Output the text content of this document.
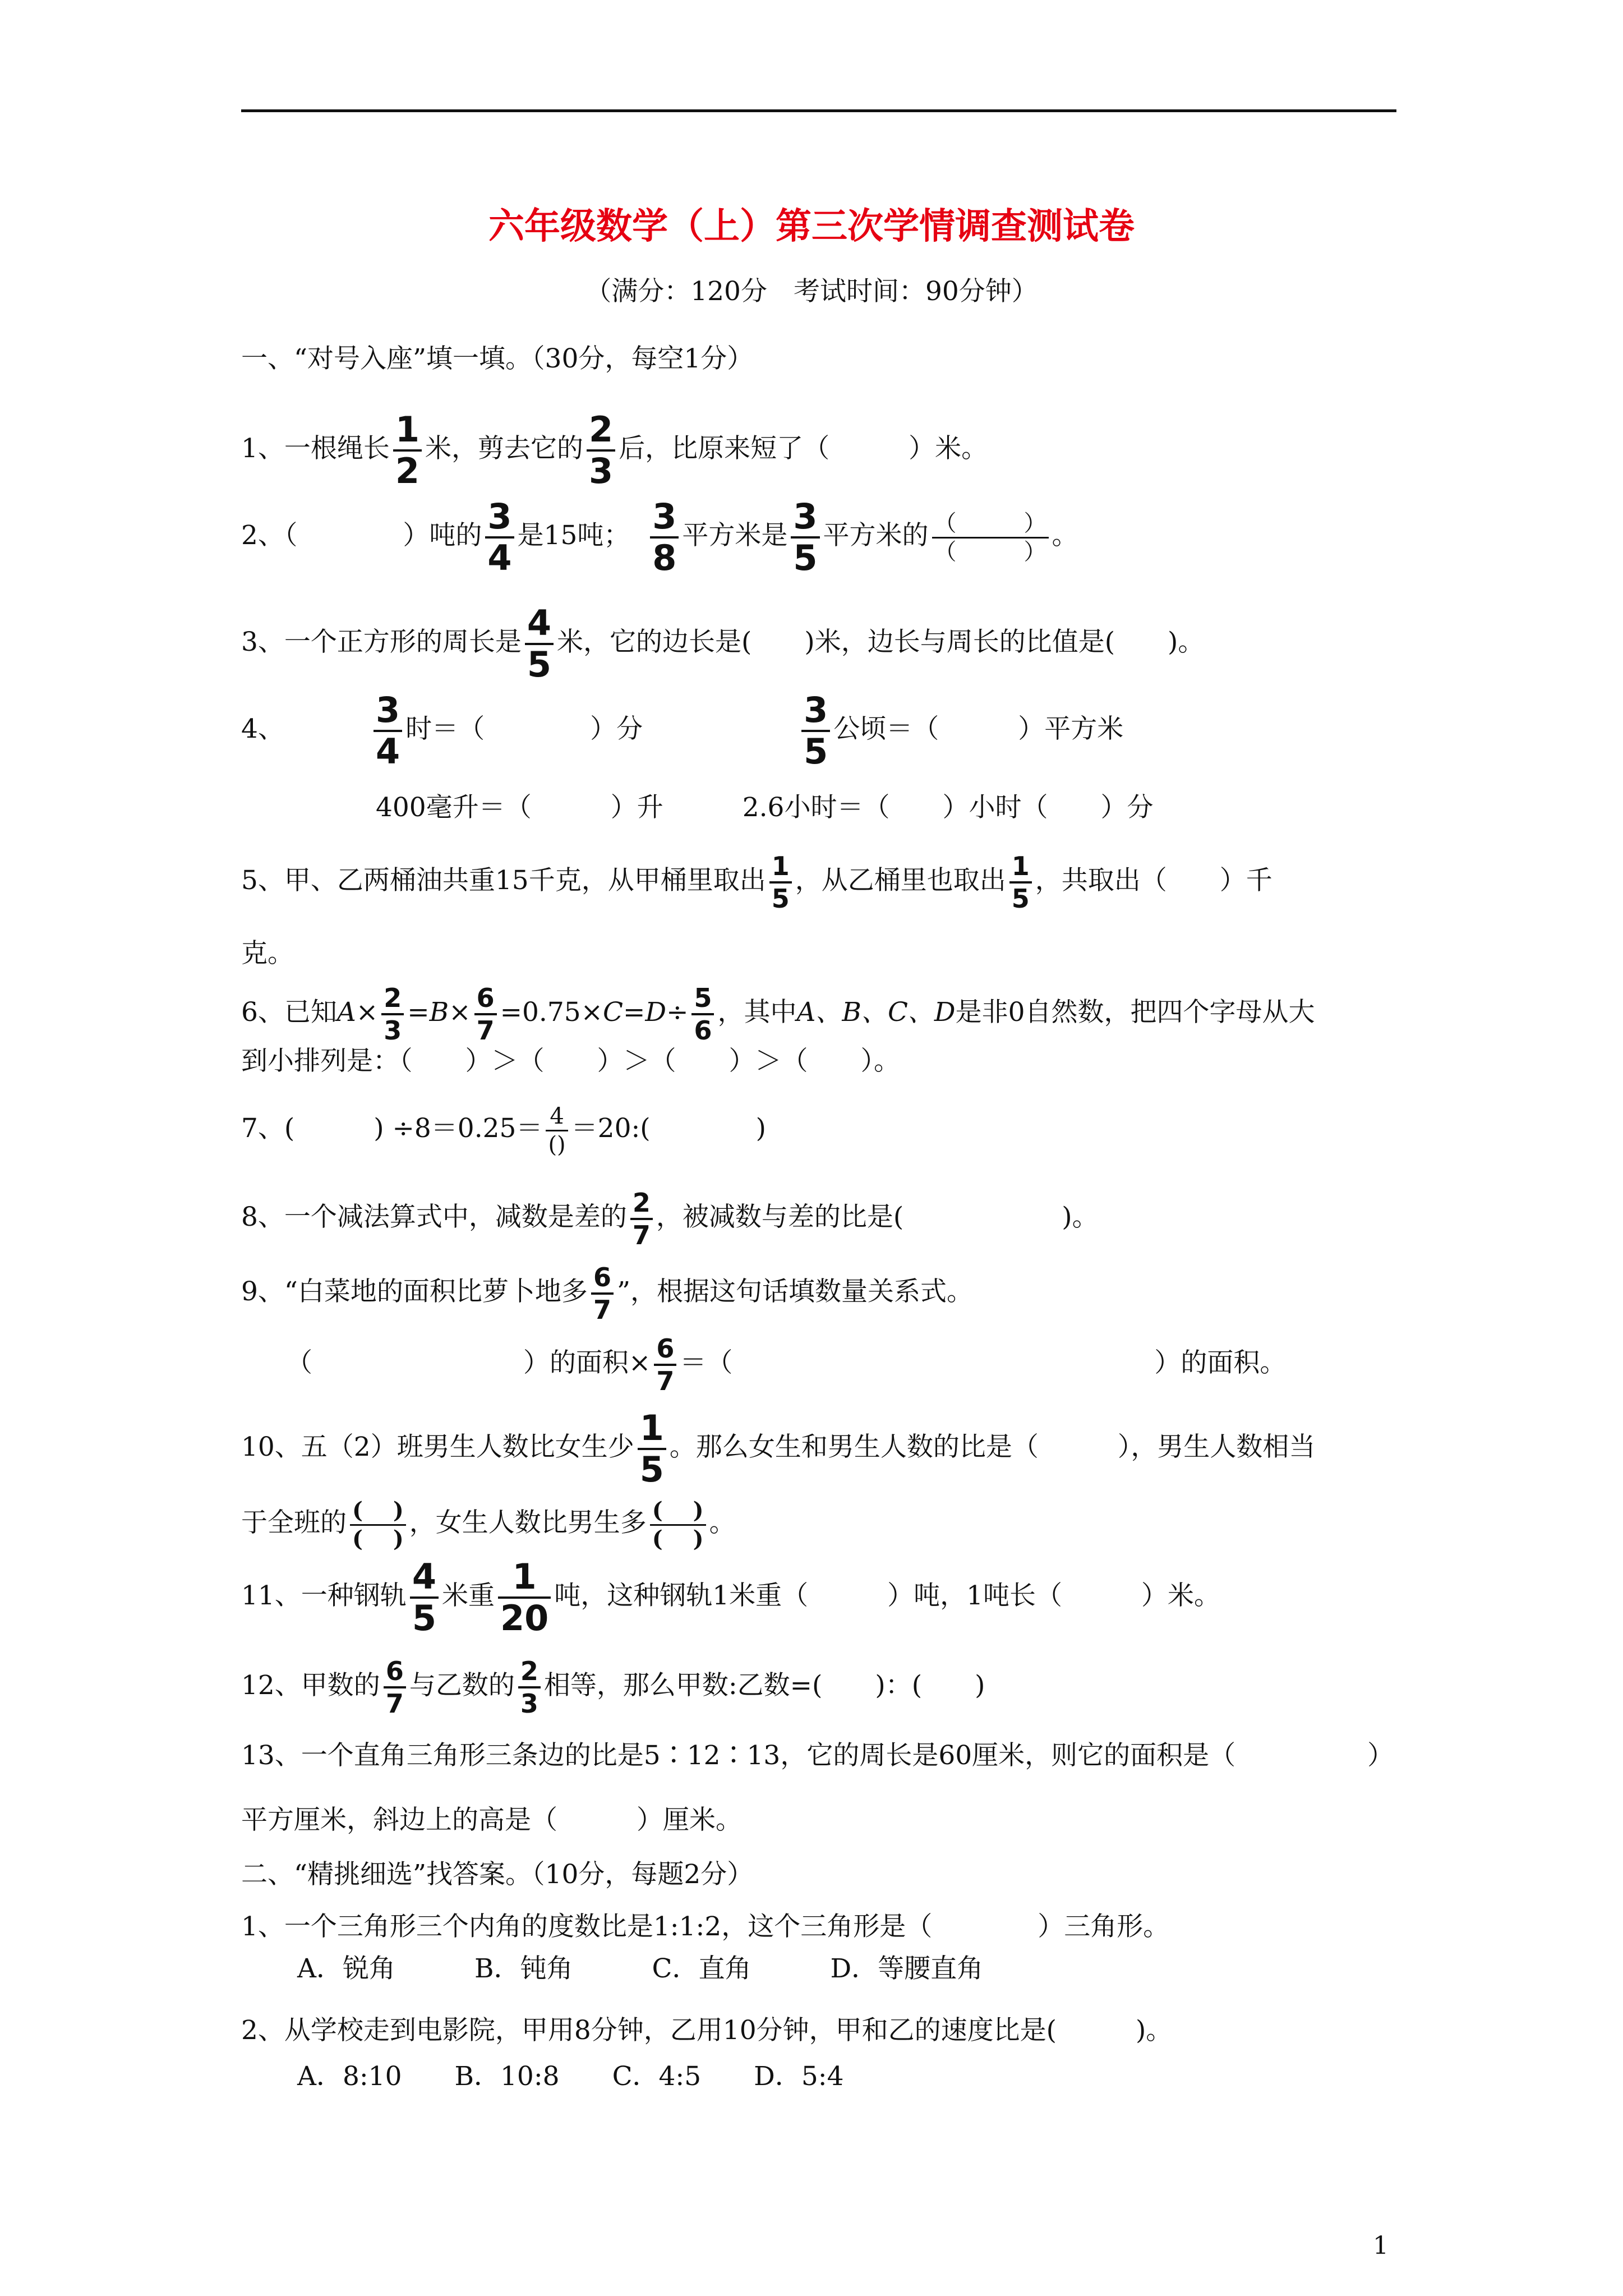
六年级数学（上）第三次学情调查测试卷
（满分：120分　考试时间：90分钟）
一、“对号入座”填一填。（30分，每空1分）
1、一根绳长 $\frac{1}{2}$ 米，剪去它的 $\frac{2}{3}$ 后，比原来短了（　　　）米。
2、（　　　　）吨的 $\frac{3}{4}$ 是15吨； $\frac{3}{8}$ 平方米是 $\frac{3}{5}$ 平方米的 $\frac{( )}{( )}$ 。
3、一个正方形的周长是 $\frac{4}{5}$ 米，它的边长是(　　)米，边长与周长的比值是(　　)。
4、	$\frac{3}{4}$ 时＝（　　　　）分	$\frac{3}{5}$ 公顷＝（　　　）平方米
400毫升＝（　　　）升　　　2.6小时＝（　　）小时（　　）分
5、甲、乙两桶油共重15千克，从甲桶里取出 $\frac{1}{5}$ ，从乙桶里也取出 $\frac{1}{5}$ ，共取出（　　）千
克。
6、已知$A\times \frac{2}{3} =B\times \frac{6}{7} =0.75\times C=D\div \frac{5}{6}$ ，其中A、B、C、D是非0自然数，把四个字母从大
到小排列是：（　　）＞（　　）＞（　　）＞（　　）。
7、(　　　) $\div 8=0.25= \frac{4}{()}$ ＝20:(　　　　)
8、一个减法算式中，减数是差的 $\frac{2}{7}$ ，被减数与差的比是(　　　　　　)。
9、“白菜地的面积比萝卜地多 $\frac{6}{7}$ ”，根据这句话填数量关系式。
（　　　　　　　　）的面积× $\frac{6}{7}$ ＝（　　　　　　　　　　　　　　　　）的面积。
10、五（2）班男生人数比女生少 $\frac{1}{5}$ 。那么女生和男生人数的比是（　　　），男生人数相当
于全班的 $\frac{( )}{( )}$ ，女生人数比男生多 $\frac{( )}{( )}$ 。
11、一种钢轨 $\frac{4}{5}$ 米重 $\frac{1}{20}$ 吨，这种钢轨1米重（　　　）吨，1吨长（　　　）米。
12、甲数的 $\frac{6}{7}$ 与乙数的 $\frac{2}{3}$ 相等，那么甲数:乙数=(　　)：(　　)
13、一个直角三角形三条边的比是5∶12∶13，它的周长是60厘米，则它的面积是（　　　　　）
平方厘米，斜边上的高是（　　　）厘米。
二、“精挑细选”找答案。（10分，每题2分）
1、一个三角形三个内角的度数比是1:1:2，这个三角形是（　　　　）三角形。
A．锐角　　　B．钝角　　　C．直角　　　D．等腰直角
2、从学校走到电影院，甲用8分钟，乙用10分钟，甲和乙的速度比是(　　　)。
A．8:10　　B．10:8　　C．4:5　　D．5:4
1
